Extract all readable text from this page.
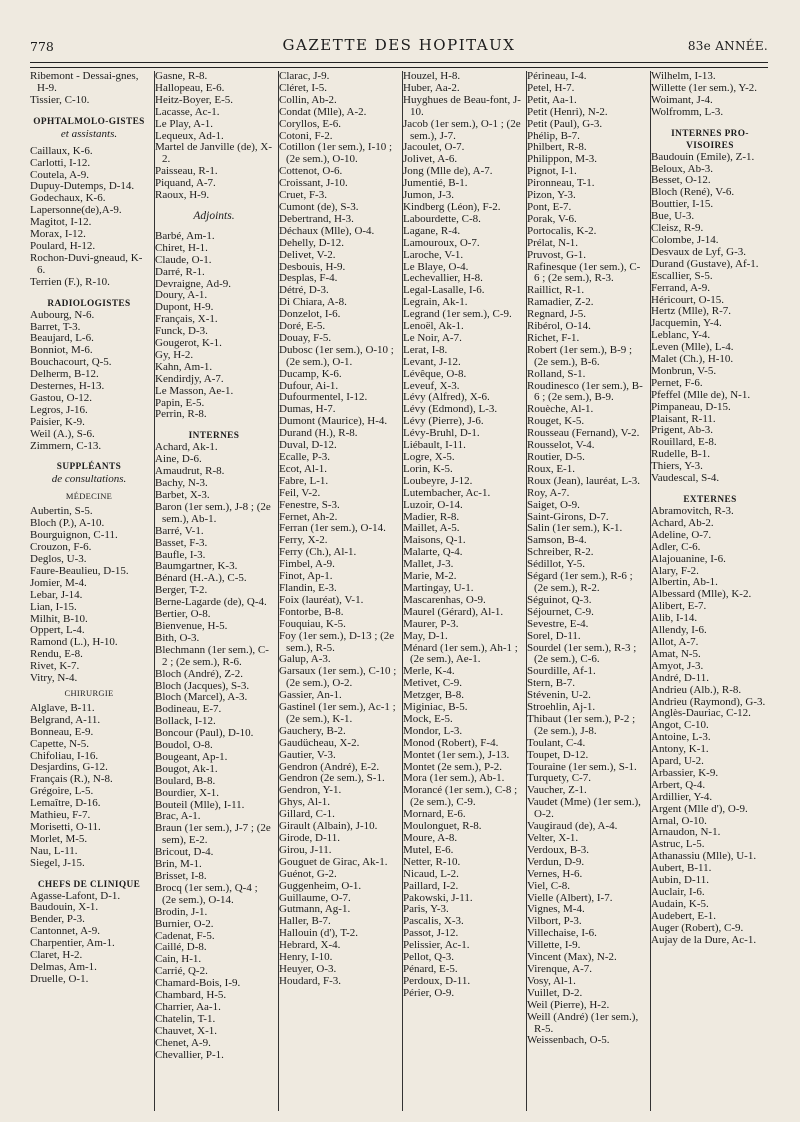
778	GAZETTE DES HOPITAUX	83e ANNÉE.
Ribemont - Dessai-gnes, H-9.
Tissier, C-10.
OPHTALMOLO-GISTES
et assistants.
Caillaux, K-6.
Carlotti, I-12.
Coutela, A-9.
Dupuy-Dutemps, D-14.
Godechaux, K-6.
Lapersonne(de),A-9.
Magitot, I-12.
Morax, I-12.
Poulard, H-12.
Rochon-Duvi-gneaud, K-6.
Terrien (F.), R-10.
RADIOLOGISTES
Aubourg, N-6.
Barret, T-3.
Beaujard, L-6.
Bonniot, M-6.
Bouchacourt, Q-5.
Delherm, B-12.
Desternes, H-13.
Gastou, O-12.
Legros, J-16.
Paisier, K-9.
Weil (A.), S-6.
Zimmern, C-13.
SUPPLÉANTS
de consultations.
MÉDECINE
Aubertin, S-5.
Bloch (P.), A-10.
Bourguignon, C-11.
Crouzon, F-6.
Deglos, U-3.
Faure-Beaulieu, D-15.
Jomier, M-4.
Lebar, J-14.
Lian, I-15.
Milhit, B-10.
Oppert, L-4.
Ramond (L.), H-10.
Rendu, E-8.
Rivet, K-7.
Vitry, N-4.
CHIRURGIE
Alglave, B-11.
Belgrand, A-11.
Bonneau, E-9.
Capette, N-5.
Chifoliau, I-16.
Desjardins, G-12.
Français (R.), N-8.
Grégoire, L-5.
Lemaître, D-16.
Mathieu, F-7.
Morisetti, O-11.
Morlet, M-5.
Nau, L-11.
Siegel, J-15.
CHEFS DE CLINIQUE
Agasse-Lafont, D-1.
Baudouin, X-1.
Bender, P-3.
Cantonnet, A-9.
Charpentier, Am-1.
Claret, H-2.
Delmas, Am-1.
Druelle, O-1.
Gasne, R-8.
Hallopeau, E-6.
Heitz-Boyer, E-5.
Lacasse, Ac-1.
Le Play, A-1.
Lequeux, Ad-1.
Martel de Janville (de), X-2.
Paisseau, R-1.
Piquand, A-7.
Raoux, H-9.
Adjoints.
Barbé, Am-1.
Chiret, H-1.
Claude, O-1.
Darré, R-1.
Devraigne, Ad-9.
Doury, A-1.
Dupont, H-9.
Français, X-1.
Funck, D-3.
Gougerot, K-1.
Gy, H-2.
Kahn, Am-1.
Kendirdjy, A-7.
Le Masson, Ae-1.
Papin, E-5.
Perrin, R-8.
INTERNES
Achard, Ak-1.
Aine, D-6.
Amaudrut, R-8.
Bachy, N-3.
Barbet, X-3.
Baron (1er sem.), J-8 ; (2e sem.), Ab-1.
Barré, V-1.
Basset, F-3.
Baufle, I-3.
Baumgartner, K-3.
Bénard (H.-A.), C-5.
Berger, T-2.
Berne-Lagarde (de), Q-4.
Bertier, O-8.
Bienvenue, H-5.
Bith, O-3.
Blechmann (1er sem.), C-2 ; (2e sem.), R-6.
Bloch (André), Z-2.
Bloch (Jacques), S-3.
Bloch (Marcel), A-3.
Bodineau, E-7.
Bollack, I-12.
Boncour (Paul), D-10.
Boudol, O-8.
Bougeant, Ap-1.
Bougot, Ak-1.
Boulard, B-8.
Bourdier, X-1.
Bouteil (Mlle), I-11.
Brac, A-1.
Braun (1er sem.), J-7 ; (2e sem), E-2.
Bricout, D-4.
Brin, M-1.
Brisset, I-8.
Brocq (1er sem.), Q-4 ; (2e sem.), O-14.
Brodin, J-1.
Burnier, O-2.
Cadenat, F-5.
Caillé, D-8.
Cain, H-1.
Carrié, Q-2.
Chamard-Bois, I-9.
Chambard, H-5.
Charrier, Aa-1.
Chatelin, T-1.
Chauvet, X-1.
Chenet, A-9.
Chevallier, P-1.
Clarac, J-9.
Cléret, I-5.
Collin, Ab-2.
Condat (Mlle), A-2.
Coryllos, E-6.
Cotoni, F-2.
Cotillon (1er sem.), I-10 ; (2e sem.), O-10.
Cottenot, O-6.
Croissant, J-10.
Cruet, F-3.
Cumont (de), S-3.
Debertrand, H-3.
Déchaux (Mlle), O-4.
Dehelly, D-12.
Delivet, V-2.
Desbouis, H-9.
Desplas, F-4.
Détré, D-3.
Di Chiara, A-8.
Donzelot, I-6.
Doré, E-5.
Douay, F-5.
Dubosc (1er sem.), O-10 ; (2e sem.), O-1.
Ducamp, K-6.
Dufour, Ai-1.
Dufourmentel, I-12.
Dumas, H-7.
Dumont (Maurice), H-4.
Durand (H.), R-8.
Duval, D-12.
Ecalle, P-3.
Ecot, Al-1.
Fabre, L-1.
Feil, V-2.
Fenestre, S-3.
Fernet, Ah-2.
Ferran (1er sem.), O-14.
Ferry, X-2.
Ferry (Ch.), Al-1.
Fimbel, A-9.
Finot, Ap-1.
Flandin, E-3.
Foix (lauréat), V-1.
Fontorbe, B-8.
Fouquiau, K-5.
Foy (1er sem.), D-13 ; (2e sem.), R-5.
Galup, A-3.
Garsaux (1er sem.), C-10 ; (2e sem.), O-2.
Gassier, An-1.
Gastinel (1er sem.), Ac-1 ; (2e sem.), K-1.
Gauchery, B-2.
Gaudücheau, X-2.
Gautier, V-3.
Gendron (André), E-2.
Gendron (2e sem.), S-1.
Gendron, Y-1.
Ghys, Al-1.
Gillard, C-1.
Girault (Albain), J-10.
Girode, D-11.
Girou, J-11.
Gouguet de Girac, Ak-1.
Guénot, G-2.
Guggenheim, O-1.
Guillaume, O-7.
Gutmann, Ag-1.
Haller, B-7.
Hallouin (d'), T-2.
Hebrard, X-4.
Henry, I-10.
Heuyer, O-3.
Houdard, F-3.
Houzel, H-8.
Huber, Aa-2.
Huyghues de Beau-font, J-10.
Jacob (1er sem.), O-1 ; (2e sem.), J-7.
Jacoulet, O-7.
Jolivet, A-6.
Jong (Mlle de), A-7.
Jumentié, B-1.
Jumon, J-3.
Kindberg (Léon), F-2.
Labourdette, C-8.
Lagane, R-4.
Lamouroux, O-7.
Laroche, V-1.
Le Blaye, O-4.
Lechevallier, H-8.
Legal-Lasalle, I-6.
Legrain, Ak-1.
Legrand (1er sem.), C-9.
Lenoël, Ak-1.
Le Noir, A-7.
Lerat, I-8.
Levant, J-12.
Lévêque, O-8.
Leveuf, X-3.
Lévy (Alfred), X-6.
Lévy (Edmond), L-3.
Lévy (Pierre), J-6.
Lévy-Bruhl, D-1.
Liébault, I-11.
Logre, X-5.
Lorin, K-5.
Loubeyre, J-12.
Lutembacher, Ac-1.
Luzoir, O-14.
Madier, R-8.
Maillet, A-5.
Maisons, Q-1.
Malarte, Q-4.
Mallet, J-3.
Marie, M-2.
Martingay, U-1.
Mascarenhas, O-9.
Maurel (Gérard), Al-1.
Maurer, P-3.
May, D-1.
Ménard (1er sem.), Ah-1 ; (2e sem.), Ae-1.
Merle, K-4.
Metivet, C-9.
Metzger, B-8.
Miginiac, B-5.
Mock, E-5.
Mondor, L-3.
Monod (Robert), F-4.
Montet (1er sem.), J-13.
Montet (2e sem.), P-2.
Mora (1er sem.), Ab-1.
Morancé (1er sem.), C-8 ; (2e sem.), C-9.
Mornard, E-6.
Moulonguet, R-8.
Moure, A-8.
Mutel, E-6.
Netter, R-10.
Nicaud, L-2.
Paillard, I-2.
Pakowski, J-11.
Paris, Y-3.
Pascalis, X-3.
Passot, J-12.
Pelissier, Ac-1.
Pellot, Q-3.
Pénard, E-5.
Perdoux, D-11.
Périer, O-9.
Périneau, I-4.
Petel, H-7.
Petit, Aa-1.
Petit (Henri), N-2.
Petit (Paul), G-3.
Phélip, B-7.
Philbert, R-8.
Philippon, M-3.
Pignot, I-1.
Pironneau, T-1.
Pizon, Y-3.
Pont, E-7.
Porak, V-6.
Portocalis, K-2.
Prélat, N-1.
Pruvost, G-1.
Rafinesque (1er sem.), C-6 ; (2e sem.), R-3.
Raillict, R-1.
Ramadier, Z-2.
Regnard, J-5.
Ribérol, O-14.
Richet, F-1.
Robert (1er sem.), B-9 ; (2e sem.), B-6.
Rolland, S-1.
Roudinesco (1er sem.), B-6 ; (2e sem.), B-9.
Rouèche, Al-1.
Rouget, K-5.
Rousseau (Fernand), V-2.
Rousselot, V-4.
Routier, D-5.
Roux, E-1.
Roux (Jean), lauréat, L-3.
Roy, A-7.
Saiget, O-9.
Saint-Girons, D-7.
Salin (1er sem.), K-1.
Samson, B-4.
Schreiber, R-2.
Sédillot, Y-5.
Ségard (1er sem.), R-6 ; (2e sem.), R-2.
Séguinot, Q-3.
Séjournet, C-9.
Sevestre, E-4.
Sorel, D-11.
Sourdel (1er sem.), R-3 ; (2e sem.), C-6.
Sourdille, Af-1.
Stern, B-7.
Stévenin, U-2.
Stroehlin, Aj-1.
Thibaut (1er sem.), P-2 ; (2e sem.), J-8.
Toulant, C-4.
Toupet, D-12.
Touraine (1er sem.), S-1.
Turquety, C-7.
Vaucher, Z-1.
Vaudet (Mme) (1er sem.), O-2.
Vaugiraud (de), A-4.
Velter, X-1.
Verdoux, B-3.
Verdun, D-9.
Vernes, H-6.
Viel, C-8.
Vielle (Albert), I-7.
Vignes, M-4.
Vilbort, P-3.
Villechaise, I-6.
Villette, I-9.
Vincent (Max), N-2.
Virenque, A-7.
Vosy, Al-1.
Vuillet, D-2.
Weil (Pierre), H-2.
Weill (André) (1er sem.), R-5.
Weissenbach, O-5.
Wilhelm, I-13.
Willette (1er sem.), Y-2.
Woimant, J-4.
Wolfromm, L-3.
INTERNES PRO-VISOIRES
Baudouin (Emile), Z-1.
Beloux, Ab-3.
Besset, O-12.
Bloch (René), V-6.
Bouttier, I-15.
Bue, U-3.
Cleisz, R-9.
Colombe, J-14.
Desvaux de Lyf, G-3.
Durand (Gustave), Af-1.
Escallier, S-5.
Ferrand, A-9.
Héricourt, O-15.
Hertz (Mlle), R-7.
Jacquemin, Y-4.
Leblanc, Y-4.
Leven (Mlle), L-4.
Malet (Ch.), H-10.
Monbrun, V-5.
Pernet, F-6.
Pfeffel (Mlle de), N-1.
Pimpaneau, D-15.
Plaisant, R-11.
Prigent, Ab-3.
Rouillard, E-8.
Rudelle, B-1.
Thiers, Y-3.
Vaudescal, S-4.
EXTERNES
Abramovitch, R-3.
Achard, Ab-2.
Adeline, O-7.
Adler, C-6.
Alajouanine, I-6.
Alary, F-2.
Albertin, Ab-1.
Albessard (Mlle), K-2.
Alibert, E-7.
Alib, I-14.
Allendy, I-6.
Allot, A-7.
Amat, N-5.
Amyot, J-3.
André, D-11.
Andrieu (Alb.), R-8.
Andrieu (Raymond), G-3.
Anglès-Dauriac, C-12.
Angot, C-10.
Antoine, L-3.
Antony, K-1.
Apard, U-2.
Arbassier, K-9.
Arbert, Q-4.
Ardillier, Y-4.
Argent (Mlle d'), O-9.
Arnal, O-10.
Arnaudon, N-1.
Astruc, L-5.
Athanassiu (Mlle), U-1.
Aubert, B-11.
Aubin, D-11.
Auclair, I-6.
Audain, K-5.
Audebert, E-1.
Auger (Robert), C-9.
Aujay de la Dure, Ac-1.
